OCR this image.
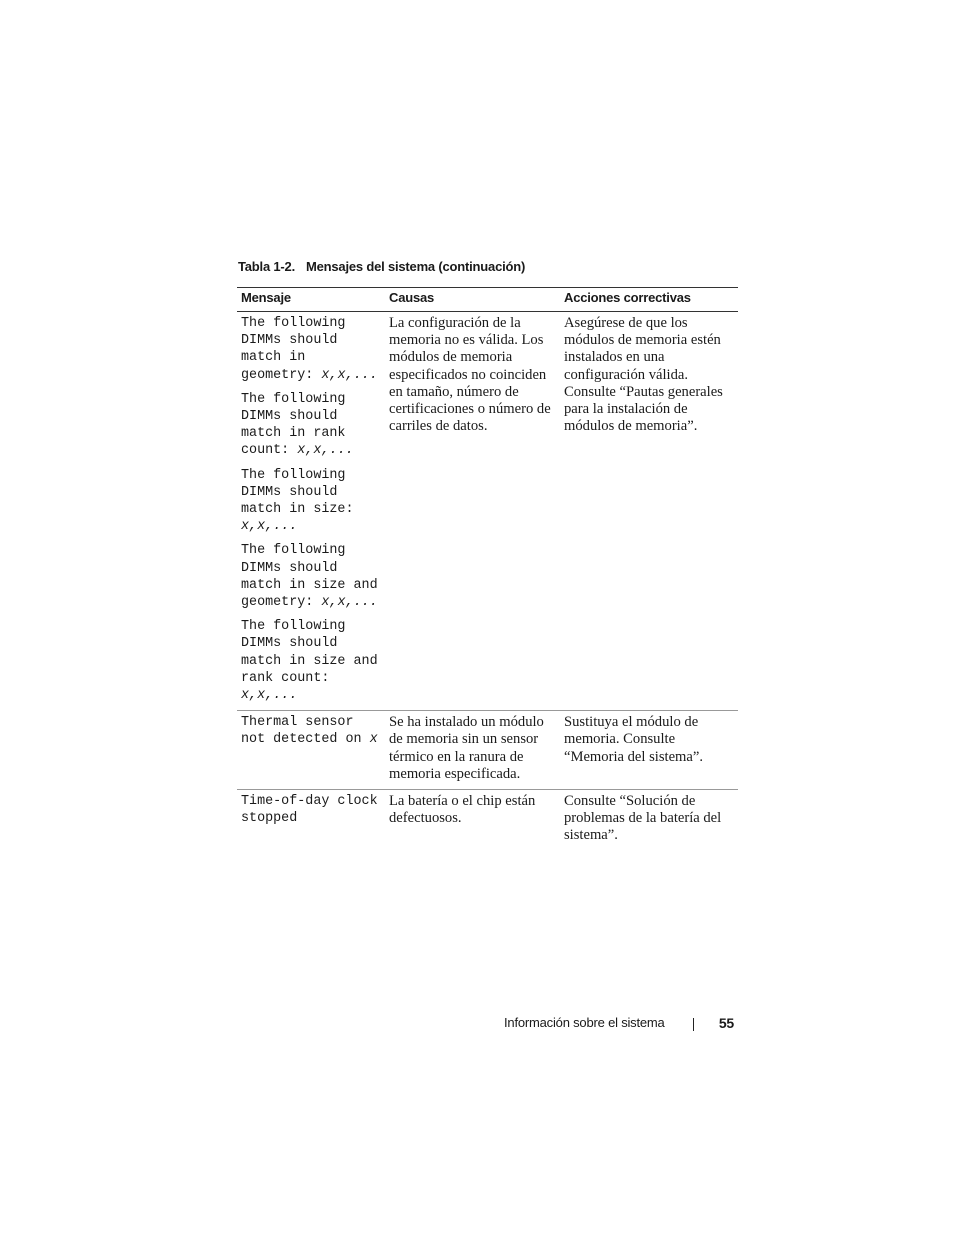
Tabla 1-2. Mensajes del sistema (continuación)
Mensaje	Causas	Acciones correctivas

The following DIMMs should match in geometry: x,x,...
The following DIMMs should match in rank count: x,x,...
The following DIMMs should match in size: x,x,...
The following DIMMs should match in size and geometry: x,x,...
The following DIMMs should match in size and rank count: x,x,...	La configuración de la memoria no es válida. Los módulos de memoria especificados no coinciden en tamaño, número de certificaciones o número de carriles de datos.	Asegúrese de que los módulos de memoria estén instalados en una configuración válida. Consulte “Pautas generales para la instalación de módulos de memoria”.

Thermal sensor not detected on x	Se ha instalado un módulo de memoria sin un sensor térmico en la ranura de memoria especificada.	Sustituya el módulo de memoria. Consulte “Memoria del sistema”.

Time-of-day clock stopped	La batería o el chip están defectuosos.	Consulte “Solución de problemas de la batería del sistema”.
Información sobre el sistema	55
